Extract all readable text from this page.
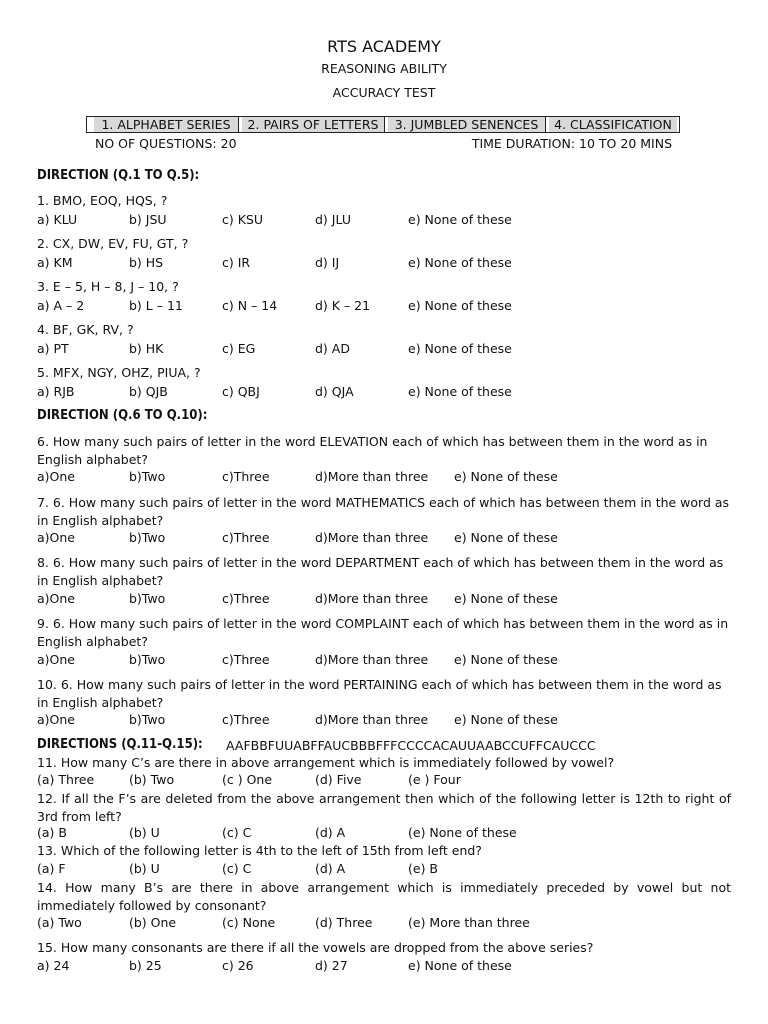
RTS ACADEMY
REASONING ABILITY
ACCURACY TEST
1. ALPHABET SERIES	2. PAIRS OF LETTERS	3. JUMBLED SENENCES	4. CLASSIFICATION
NO OF QUESTIONS: 20	TIME DURATION: 10 TO 20 MINS
DIRECTION (Q.1 TO Q.5):
1. BMO, EOQ, HQS, ?
a) KLU	b) JSU	c) KSU	d) JLU	e) None of these
2. CX, DW, EV, FU, GT, ?
a) KM	b) HS	c) IR	d) IJ	e) None of these
3. E – 5, H – 8, J – 10, ?
a) A – 2	b) L – 11	c) N – 14	d) K – 21	e) None of these
4. BF, GK, RV, ?
a) PT	b) HK	c) EG	d) AD	e) None of these
5. MFX, NGY, OHZ, PIUA, ?
a) RJB	b) QJB	c) QBJ	d) QJA	e) None of these
DIRECTION (Q.6 TO Q.10):
6. How many such pairs of letter in the word ELEVATION each of which has between them in the word as in English alphabet?
a)One	b)Two	c)Three	d)More than three e) None of these
7. 6. How many such pairs of letter in the word MATHEMATICS each of which has between them in the word as in English alphabet?
a)One	b)Two	c)Three	d)More than three e) None of these
8. 6. How many such pairs of letter in the word DEPARTMENT each of which has between them in the word as in English alphabet?
a)One	b)Two	c)Three	d)More than three e) None of these
9. 6. How many such pairs of letter in the word COMPLAINT each of which has between them in the word as in English alphabet?
a)One	b)Two	c)Three	d)More than three e) None of these
10. 6. How many such pairs of letter in the word PERTAINING each of which has between them in the word as in English alphabet?
a)One	b)Two	c)Three	d)More than three e) None of these
DIRECTIONS (Q.11-Q.15): AAFBBFUUABFFAUCBBBFFFCCCCACAUUAABCCUFFCAUCCC
11. How many C’s are there in above arrangement which is immediately followed by vowel?
(a) Three	(b) Two	(c ) One	(d) Five	(e ) Four
12. If all the F’s are deleted from the above arrangement then which of the following letter is 12th to right of 3rd from left?
(a) B	(b) U	(c) C	(d) A	(e) None of these
13. Which of the following letter is 4th to the left of 15th from left end?
(a) F	(b) U	(c) C	(d) A	(e) B
14. How many B’s are there in above arrangement which is immediately preceded by vowel but not immediately followed by consonant?
(a) Two	(b) One	(c) None	(d) Three	(e) More than three
15. How many consonants are there if all the vowels are dropped from the above series?
a) 24	b) 25	c) 26	d) 27	e) None of these
